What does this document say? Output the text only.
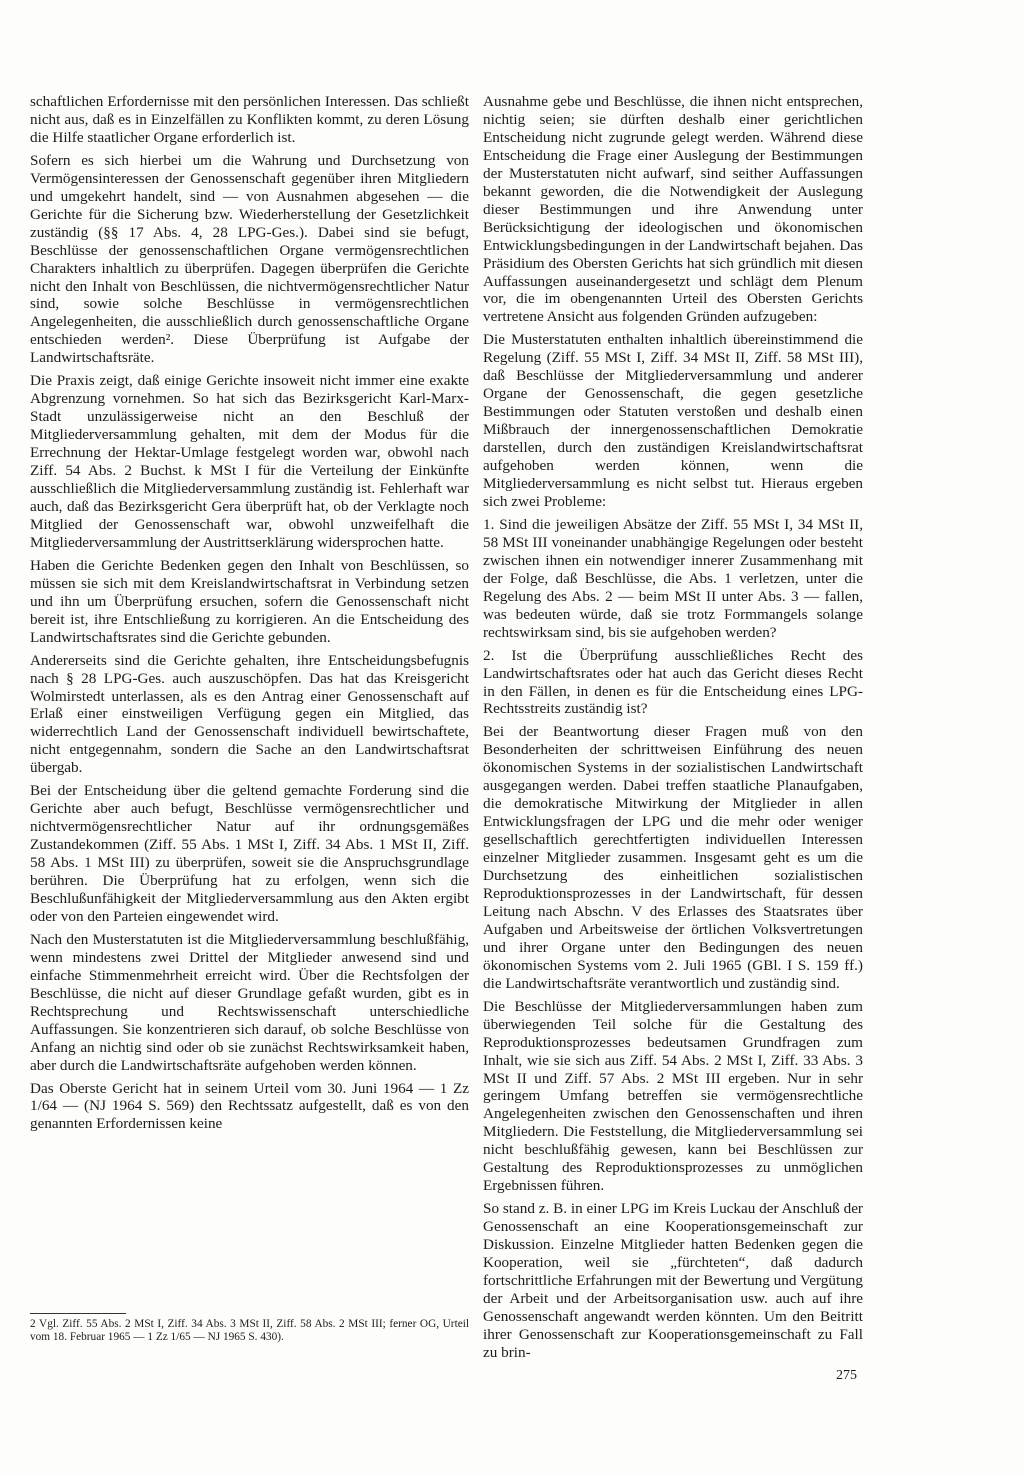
schaftlichen Erfordernisse mit den persönlichen Interessen. Das schließt nicht aus, daß es in Einzelfällen zu Konflikten kommt, zu deren Lösung die Hilfe staatlicher Organe erforderlich ist.

Sofern es sich hierbei um die Wahrung und Durchsetzung von Vermögensinteressen der Genossenschaft gegenüber ihren Mitgliedern und umgekehrt handelt, sind — von Ausnahmen abgesehen — die Gerichte für die Sicherung bzw. Wiederherstellung der Gesetzlichkeit zuständig (§§ 17 Abs. 4, 28 LPG-Ges.). Dabei sind sie befugt, Beschlüsse der genossenschaftlichen Organe vermögensrechtlichen Charakters inhaltlich zu überprüfen. Dagegen überprüfen die Gerichte nicht den Inhalt von Beschlüssen, die nichtvermögensrechtlicher Natur sind, sowie solche Beschlüsse in vermögensrechtlichen Angelegenheiten, die ausschließlich durch genossenschaftliche Organe entschieden werden². Diese Überprüfung ist Aufgabe der Landwirtschaftsräte.

Die Praxis zeigt, daß einige Gerichte insoweit nicht immer eine exakte Abgrenzung vornehmen. So hat sich das Bezirksgericht Karl-Marx-Stadt unzulässigerweise nicht an den Beschluß der Mitgliederversammlung gehalten, mit dem der Modus für die Errechnung der Hektar-Umlage festgelegt worden war, obwohl nach Ziff. 54 Abs. 2 Buchst. k MSt I für die Verteilung der Einkünfte ausschließlich die Mitgliederversammlung zuständig ist. Fehlerhaft war auch, daß das Bezirksgericht Gera überprüft hat, ob der Verklagte noch Mitglied der Genossenschaft war, obwohl unzweifelhaft die Mitgliederversammlung der Austrittserklärung widersprochen hatte.

Haben die Gerichte Bedenken gegen den Inhalt von Beschlüssen, so müssen sie sich mit dem Kreislandwirtschaftsrat in Verbindung setzen und ihn um Überprüfung ersuchen, sofern die Genossenschaft nicht bereit ist, ihre Entschließung zu korrigieren. An die Entscheidung des Landwirtschaftsrates sind die Gerichte gebunden.

Andererseits sind die Gerichte gehalten, ihre Entscheidungsbefugnis nach § 28 LPG-Ges. auch auszuschöpfen. Das hat das Kreisgericht Wolmirstedt unterlassen, als es den Antrag einer Genossenschaft auf Erlaß einer einstweiligen Verfügung gegen ein Mitglied, das widerrechtlich Land der Genossenschaft individuell bewirtschaftete, nicht entgegennahm, sondern die Sache an den Landwirtschaftsrat übergab.

Bei der Entscheidung über die geltend gemachte Forderung sind die Gerichte aber auch befugt, Beschlüsse vermögensrechtlicher und nichtvermögensrechtlicher Natur auf ihr ordnungsgemäßes Zustandekommen (Ziff. 55 Abs. 1 MSt I, Ziff. 34 Abs. 1 MSt II, Ziff. 58 Abs. 1 MSt III) zu überprüfen, soweit sie die Anspruchsgrundlage berühren. Die Überprüfung hat zu erfolgen, wenn sich die Beschlußunfähigkeit der Mitgliederversammlung aus den Akten ergibt oder von den Parteien eingewendet wird.

Nach den Musterstatuten ist die Mitgliederversammlung beschlußfähig, wenn mindestens zwei Drittel der Mitglieder anwesend sind und einfache Stimmenmehrheit erreicht wird. Über die Rechtsfolgen der Beschlüsse, die nicht auf dieser Grundlage gefaßt wurden, gibt es in Rechtsprechung und Rechtswissenschaft unterschiedliche Auffassungen. Sie konzentrieren sich darauf, ob solche Beschlüsse von Anfang an nichtig sind oder ob sie zunächst Rechtswirksamkeit haben, aber durch die Landwirtschaftsräte aufgehoben werden können.

Das Oberste Gericht hat in seinem Urteil vom 30. Juni 1964 — 1 Zz 1/64 — (NJ 1964 S. 569) den Rechtssatz aufgestellt, daß es von den genannten Erfordernissen keine

2 Vgl. Ziff. 55 Abs. 2 MSt I, Ziff. 34 Abs. 3 MSt II, Ziff. 58 Abs. 2 MSt III; ferner OG, Urteil vom 18. Februar 1965 — 1 Zz 1/65 — NJ 1965 S. 430).

Ausnahme gebe und Beschlüsse, die ihnen nicht entsprechen, nichtig seien; sie dürften deshalb einer gerichtlichen Entscheidung nicht zugrunde gelegt werden. Während diese Entscheidung die Frage einer Auslegung der Bestimmungen der Musterstatuten nicht aufwarf, sind seither Auffassungen bekannt geworden, die die Notwendigkeit der Auslegung dieser Bestimmungen und ihre Anwendung unter Berücksichtigung der ideologischen und ökonomischen Entwicklungsbedingungen in der Landwirtschaft bejahen. Das Präsidium des Obersten Gerichts hat sich gründlich mit diesen Auffassungen auseinandergesetzt und schlägt dem Plenum vor, die im obengenannten Urteil des Obersten Gerichts vertretene Ansicht aus folgenden Gründen aufzugeben:

Die Musterstatuten enthalten inhaltlich übereinstimmend die Regelung (Ziff. 55 MSt I, Ziff. 34 MSt II, Ziff. 58 MSt III), daß Beschlüsse der Mitgliederversammlung und anderer Organe der Genossenschaft, die gegen gesetzliche Bestimmungen oder Statuten verstoßen und deshalb einen Mißbrauch der innergenossenschaftlichen Demokratie darstellen, durch den zuständigen Kreislandwirtschaftsrat aufgehoben werden können, wenn die Mitgliederversammlung es nicht selbst tut. Hieraus ergeben sich zwei Probleme:

1. Sind die jeweiligen Absätze der Ziff. 55 MSt I, 34 MSt II, 58 MSt III voneinander unabhängige Regelungen oder besteht zwischen ihnen ein notwendiger innerer Zusammenhang mit der Folge, daß Beschlüsse, die Abs. 1 verletzen, unter die Regelung des Abs. 2 — beim MSt II unter Abs. 3 — fallen, was bedeuten würde, daß sie trotz Formmangels solange rechtswirksam sind, bis sie aufgehoben werden?

2. Ist die Überprüfung ausschließliches Recht des Landwirtschaftsrates oder hat auch das Gericht dieses Recht in den Fällen, in denen es für die Entscheidung eines LPG-Rechtsstreits zuständig ist?

Bei der Beantwortung dieser Fragen muß von den Besonderheiten der schrittweisen Einführung des neuen ökonomischen Systems in der sozialistischen Landwirtschaft ausgegangen werden. Dabei treffen staatliche Planaufgaben, die demokratische Mitwirkung der Mitglieder in allen Entwicklungsfragen der LPG und die mehr oder weniger gesellschaftlich gerechtfertigten individuellen Interessen einzelner Mitglieder zusammen. Insgesamt geht es um die Durchsetzung des einheitlichen sozialistischen Reproduktionsprozesses in der Landwirtschaft, für dessen Leitung nach Abschn. V des Erlasses des Staatsrates über Aufgaben und Arbeitsweise der örtlichen Volksvertretungen und ihrer Organe unter den Bedingungen des neuen ökonomischen Systems vom 2. Juli 1965 (GBl. I S. 159 ff.) die Landwirtschaftsräte verantwortlich und zuständig sind.

Die Beschlüsse der Mitgliederversammlungen haben zum überwiegenden Teil solche für die Gestaltung des Reproduktionsprozesses bedeutsamen Grundfragen zum Inhalt, wie sie sich aus Ziff. 54 Abs. 2 MSt I, Ziff. 33 Abs. 3 MSt II und Ziff. 57 Abs. 2 MSt III ergeben. Nur in sehr geringem Umfang betreffen sie vermögensrechtliche Angelegenheiten zwischen den Genossenschaften und ihren Mitgliedern. Die Feststellung, die Mitgliederversammlung sei nicht beschlußfähig gewesen, kann bei Beschlüssen zur Gestaltung des Reproduktionsprozesses zu unmöglichen Ergebnissen führen.

So stand z. B. in einer LPG im Kreis Luckau der Anschluß der Genossenschaft an eine Kooperationsgemeinschaft zur Diskussion. Einzelne Mitglieder hatten Bedenken gegen die Kooperation, weil sie „fürchteten“, daß dadurch fortschrittliche Erfahrungen mit der Bewertung und Vergütung der Arbeit und der Arbeitsorganisation usw. auch auf ihre Genossenschaft angewandt werden könnten. Um den Beitritt ihrer Genossenschaft zur Kooperationsgemeinschaft zu Fall zu brin-

275
